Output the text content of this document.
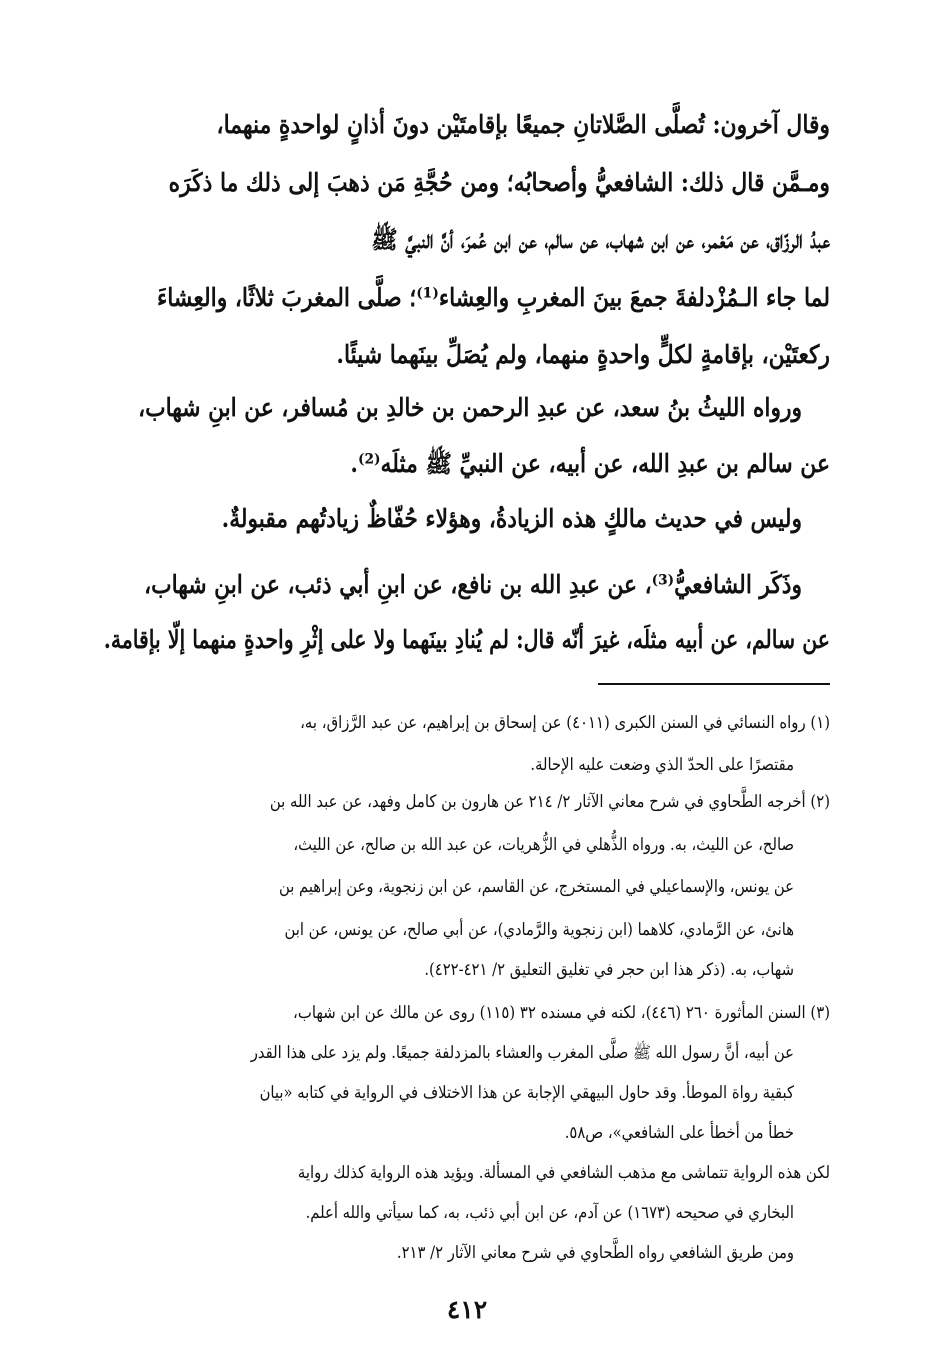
وقال آخرون: تُصلَّى الصَّلاتانِ جميعًا بإقامتَيْن دونَ أذانٍ لواحدةٍ منهما،
ومـمَّن قال ذلك: الشافعيُّ وأصحابُه؛ ومن حُجَّةِ مَن ذهبَ إلى ذلك ما ذكَرَه
عبدُ الرزّاق، عن مَعْمر، عن ابن شهاب، عن سالم، عن ابن عُمرَ، أنَّ النبيَّ ﷺ
لما جاء الـمُزْدلفةَ جمعَ بينَ المغربِ والعِشاء⁽¹⁾؛ صلَّى المغربَ ثلاثًا، والعِشاءَ
ركعتَيْن، بإقامةٍ لكلٍّ واحدةٍ منهما، ولم يُصَلِّ بينَهما شيئًا.
ورواه الليثُ بنُ سعد، عن عبدِ الرحمن بن خالدِ بن مُسافر، عن ابنِ شهاب،
عن سالم بن عبدِ الله، عن أبيه، عن النبيِّ ﷺ مثلَه⁽²⁾.
وليس في حديث مالكٍ هذه الزيادةُ، وهؤلاء حُفّاظٌ زيادتُهم مقبولةٌ.
وذَكَر الشافعيُّ⁽³⁾، عن عبدِ الله بن نافع، عن ابنِ أبي ذئب، عن ابنِ شهاب،
عن سالم، عن أبيه مثلَه، غيرَ أنّه قال: لم يُنادِ بينَهما ولا على إثْرِ واحدةٍ منهما إلّا بإقامة.
(١) رواه النسائي في السنن الكبرى (٤٠١١) عن إسحاق بن إبراهيم، عن عبد الرَّزاق، به،
مقتصرًا على الحدّ الذي وضعت عليه الإحالة.
(٢) أخرجه الطَّحاوي في شرح معاني الآثار ٢/ ٢١٤ عن هارون بن كامل وفهد، عن عبد الله بن
صالح، عن الليث، به. ورواه الذُّهلي في الزُّهريات، عن عبد الله بن صالح، عن الليث،
عن يونس، والإسماعيلي في المستخرج، عن القاسم، عن ابن زنجوية، وعن إبراهيم بن
هانئ، عن الرَّمادي، كلاهما (ابن زنجوية والرَّمادي)، عن أبي صالح، عن يونس، عن ابن
شهاب، به. (ذكر هذا ابن حجر في تغليق التعليق ٢/ ٤٢١-٤٢٢).
(٣) السنن المأثورة ٢٦٠ (٤٤٦)، لكنه في مسنده ٣٢ (١١٥) روى عن مالك عن ابن شهاب،
عن أبيه، أنَّ رسول الله ﷺ صلَّى المغرب والعشاء بالمزدلفة جميعًا. ولم يزد على هذا القدر
كبقية رواة الموطأ. وقد حاول البيهقي الإجابة عن هذا الاختلاف في الرواية في كتابه «بيان
خطأ من أخطأ على الشافعي»، ص٥٨.
لكن هذه الرواية تتماشى مع مذهب الشافعي في المسألة. ويؤيد هذه الرواية كذلك رواية
البخاري في صحيحه (١٦٧٣) عن آدم، عن ابن أبي ذئب، به، كما سيأتي والله أعلم.
ومن طريق الشافعي رواه الطَّحاوي في شرح معاني الآثار ٢/ ٢١٣.
٤١٢
